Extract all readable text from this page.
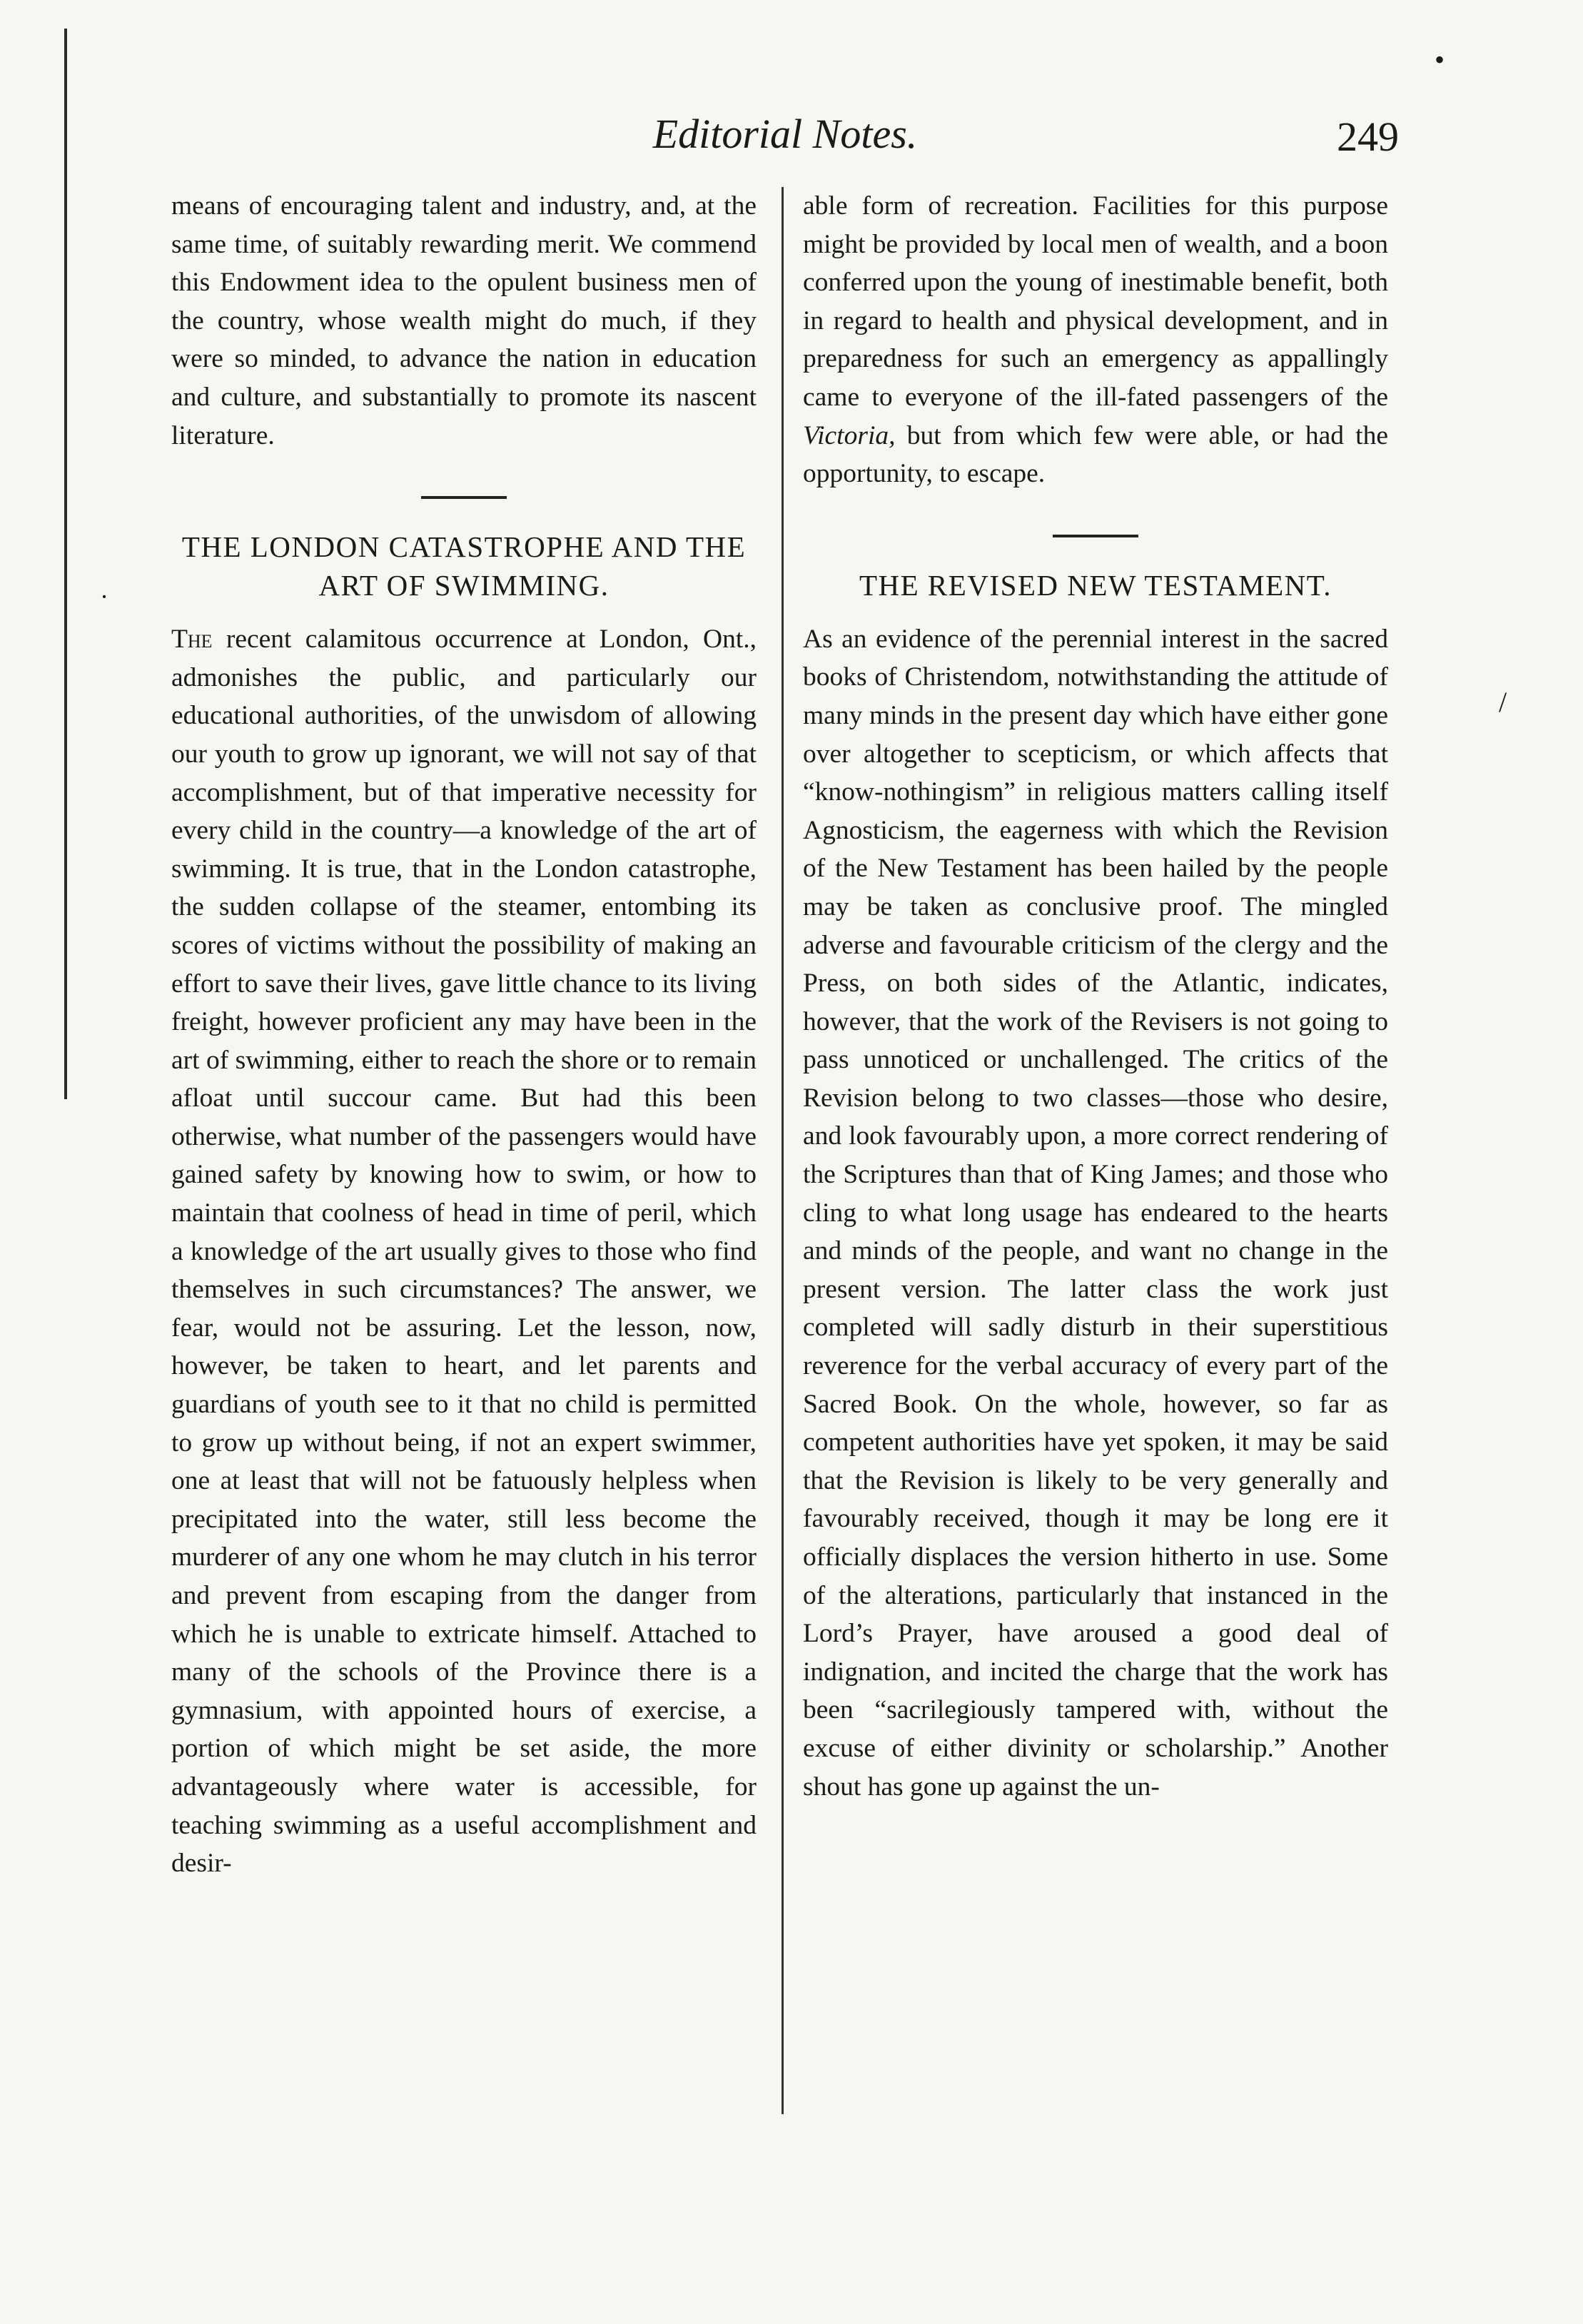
•
·
/
Editorial Notes.	249

means of encouraging talent and industry, and, at the same time, of suitably rewarding merit. We commend this Endowment idea to the opulent business men of the country, whose wealth might do much, if they were so minded, to advance the nation in education and culture, and substantially to promote its nascent literature.

THE LONDON CATASTROPHE AND THE ART OF SWIMMING.

The recent calamitous occurrence at London, Ont., admonishes the public, and particularly our educational authorities, of the unwisdom of allowing our youth to grow up ignorant, we will not say of that accomplishment, but of that imperative necessity for every child in the country—a knowledge of the art of swimming. It is true, that in the London catastrophe, the sudden collapse of the steamer, entombing its scores of victims without the possibility of making an effort to save their lives, gave little chance to its living freight, however proficient any may have been in the art of swimming, either to reach the shore or to remain afloat until succour came. But had this been otherwise, what number of the passengers would have gained safety by knowing how to swim, or how to maintain that coolness of head in time of peril, which a knowledge of the art usually gives to those who find themselves in such circumstances? The answer, we fear, would not be assuring. Let the lesson, now, however, be taken to heart, and let parents and guardians of youth see to it that no child is permitted to grow up without being, if not an expert swimmer, one at least that will not be fatuously helpless when precipitated into the water, still less become the murderer of any one whom he may clutch in his terror and prevent from escaping from the danger from which he is unable to extricate himself. Attached to many of the schools of the Province there is a gymnasium, with appointed hours of exercise, a portion of which might be set aside, the more advantageously where water is accessible, for teaching swimming as a useful accomplishment and desir-

able form of recreation. Facilities for this purpose might be provided by local men of wealth, and a boon conferred upon the young of inestimable benefit, both in regard to health and physical development, and in preparedness for such an emergency as appallingly came to everyone of the ill-fated passengers of the Victoria, but from which few were able, or had the opportunity, to escape.

THE REVISED NEW TESTAMENT.

As an evidence of the perennial interest in the sacred books of Christendom, notwithstanding the attitude of many minds in the present day which have either gone over altogether to scepticism, or which affects that “know-nothingism” in religious matters calling itself Agnosticism, the eagerness with which the Revision of the New Testament has been hailed by the people may be taken as conclusive proof. The mingled adverse and favourable criticism of the clergy and the Press, on both sides of the Atlantic, indicates, however, that the work of the Revisers is not going to pass unnoticed or unchallenged. The critics of the Revision belong to two classes—those who desire, and look favourably upon, a more correct rendering of the Scriptures than that of King James; and those who cling to what long usage has endeared to the hearts and minds of the people, and want no change in the present version. The latter class the work just completed will sadly disturb in their superstitious reverence for the verbal accuracy of every part of the Sacred Book. On the whole, however, so far as competent authorities have yet spoken, it may be said that the Revision is likely to be very generally and favourably received, though it may be long ere it officially displaces the version hitherto in use. Some of the alterations, particularly that instanced in the Lord’s Prayer, have aroused a good deal of indignation, and incited the charge that the work has been “sacrilegiously tampered with, without the excuse of either divinity or scholarship.” Another shout has gone up against the un-
